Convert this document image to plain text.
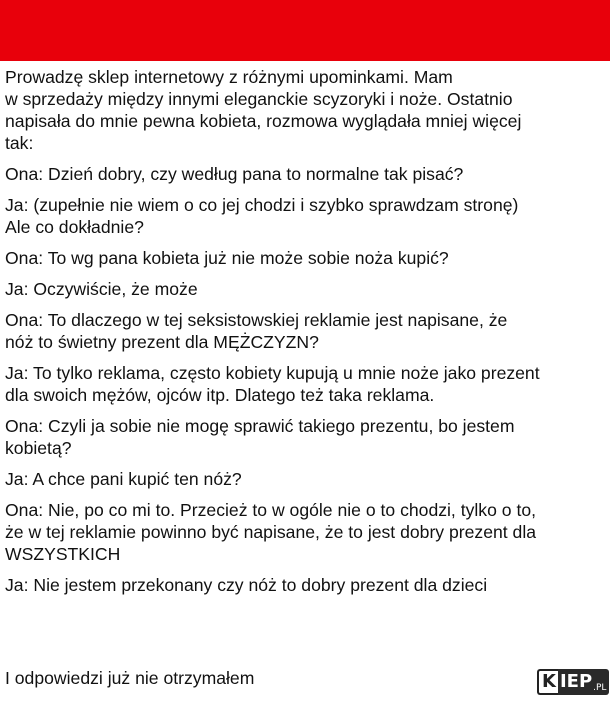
Prowadzę sklep internetowy z różnymi upominkami. Mam
w sprzedaży między innymi eleganckie scyzoryki i noże. Ostatnio
napisała do mnie pewna kobieta, rozmowa wyglądała mniej więcej
tak:

Ona: Dzień dobry, czy według pana to normalne tak pisać?

Ja: (zupełnie nie wiem o co jej chodzi i szybko sprawdzam stronę)
Ale co dokładnie?

Ona: To wg pana kobieta już nie może sobie noża kupić?

Ja: Oczywiście, że może

Ona: To dlaczego w tej seksistowskiej reklamie jest napisane, że
nóż to świetny prezent dla MĘŻCZYZN?

Ja: To tylko reklama, często kobiety kupują u mnie noże jako prezent
dla swoich mężów, ojców itp. Dlatego też taka reklama.

Ona: Czyli ja sobie nie mogę sprawić takiego prezentu, bo jestem
kobietą?

Ja: A chce pani kupić ten nóż?

Ona: Nie, po co mi to. Przecież to w ogóle nie o to chodzi, tylko o to,
że w tej reklamie powinno być napisane, że to jest dobry prezent dla
WSZYSTKICH

Ja: Nie jestem przekonany czy nóż to dobry prezent dla dzieci

I odpowiedzi już nie otrzymałem	K IEP .PL
